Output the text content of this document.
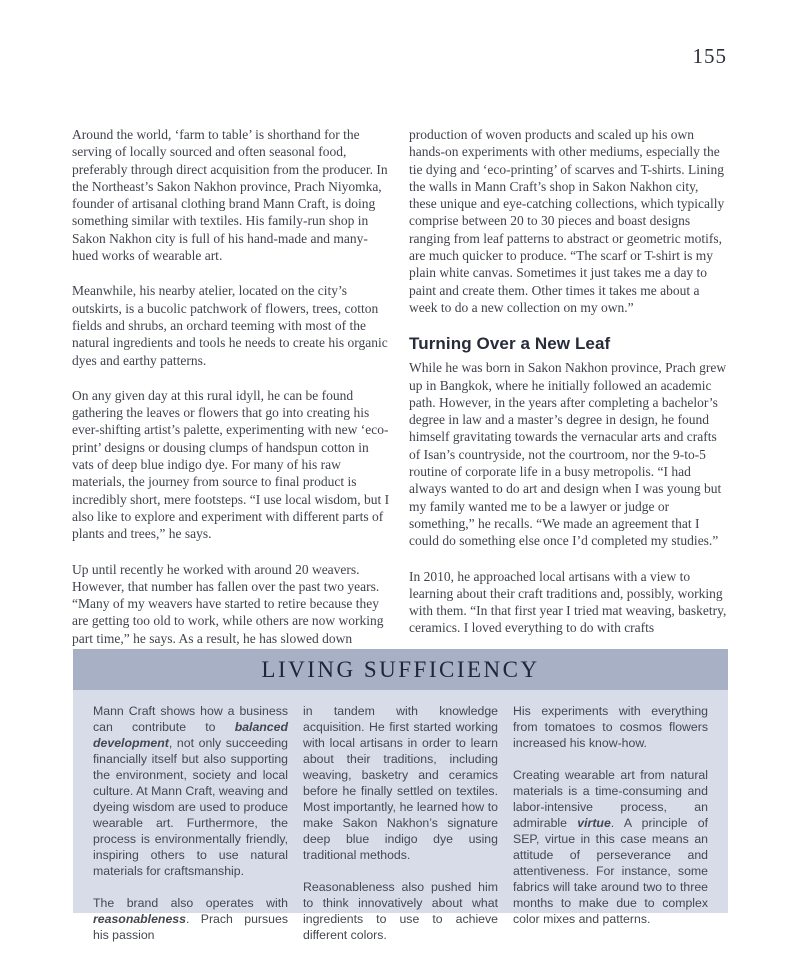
155

Around the world, ‘farm to table’ is shorthand for the serving of locally sourced and often seasonal food, preferably through direct acquisition from the producer. In the Northeast’s Sakon Nakhon province, Prach Niyomka, founder of artisanal clothing brand Mann Craft, is doing something similar with textiles. His family-run shop in Sakon Nakhon city is full of his hand-made and many-hued works of wearable art.

Meanwhile, his nearby atelier, located on the city’s outskirts, is a bucolic patchwork of flowers, trees, cotton fields and shrubs, an orchard teeming with most of the natural ingredients and tools he needs to create his organic dyes and earthy patterns.

On any given day at this rural idyll, he can be found gathering the leaves or flowers that go into creating his ever-shifting artist’s palette, experimenting with new ‘eco-print’ designs or dousing clumps of handspun cotton in vats of deep blue indigo dye. For many of his raw materials, the journey from source to final product is incredibly short, mere footsteps. “I use local wisdom, but I also like to explore and experiment with different parts of plants and trees,” he says.

Up until recently he worked with around 20 weavers. However, that number has fallen over the past two years. “Many of my weavers have started to retire because they are getting too old to work, while others are now working part time,” he says. As a result, he has slowed down

production of woven products and scaled up his own hands-on experiments with other mediums, especially the tie dying and ‘eco-printing’ of scarves and T-shirts. Lining the walls in Mann Craft’s shop in Sakon Nakhon city, these unique and eye-catching collections, which typically comprise between 20 to 30 pieces and boast designs ranging from leaf patterns to abstract or geometric motifs, are much quicker to produce. “The scarf or T-shirt is my plain white canvas. Sometimes it just takes me a day to paint and create them. Other times it takes me about a week to do a new collection on my own.”

Turning Over a New Leaf

While he was born in Sakon Nakhon province, Prach grew up in Bangkok, where he initially followed an academic path. However, in the years after completing a bachelor’s degree in law and a master’s degree in design, he found himself gravitating towards the vernacular arts and crafts of Isan’s countryside, not the courtroom, nor the 9-to-5 routine of corporate life in a busy metropolis. “I had always wanted to do art and design when I was young but my family wanted me to be a lawyer or judge or something,” he recalls. “We made an agreement that I could do something else once I’d completed my studies.”

In 2010, he approached local artisans with a view to learning about their craft traditions and, possibly, working with them. “In that first year I tried mat weaving, basketry, ceramics. I loved everything to do with crafts

LIVING SUFFICIENCY

Mann Craft shows how a business can contribute to balanced development, not only succeeding financially itself but also supporting the environment, society and local culture. At Mann Craft, weaving and dyeing wisdom are used to produce wearable art. Furthermore, the process is environmentally friendly, inspiring others to use natural materials for craftsmanship.

The brand also operates with reasonableness. Prach pursues his passion

in tandem with knowledge acquisition. He first started working with local artisans in order to learn about their traditions, including weaving, basketry and ceramics before he finally settled on textiles. Most importantly, he learned how to make Sakon Nakhon’s signature deep blue indigo dye using traditional methods.

Reasonableness also pushed him to think innovatively about what ingredients to use to achieve different colors.

His experiments with everything from tomatoes to cosmos flowers increased his know-how.

Creating wearable art from natural materials is a time-consuming and labor-intensive process, an admirable virtue. A principle of SEP, virtue in this case means an attitude of perseverance and attentiveness. For instance, some fabrics will take around two to three months to make due to complex color mixes and patterns.
